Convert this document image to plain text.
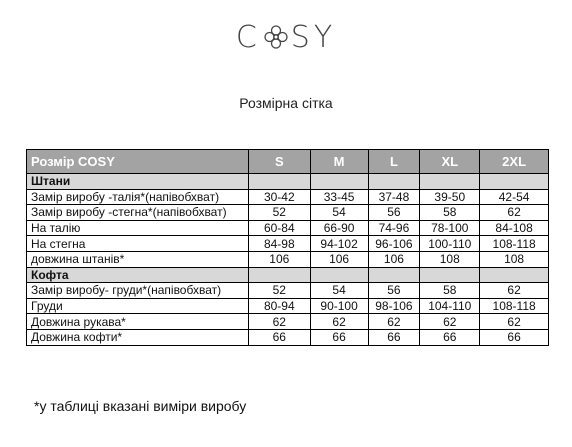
C SY
Розмірна сітка
Розмір COSY	S	M	L	XL	2XL
Штани					
Замір виробу -талія*(напівобхват)	30-42	33-45	37-48	39-50	42-54
Замір виробу -стегна*(напівобхват)	52	54	56	58	62
На талію	60-84	66-90	74-96	78-100	84-108
На стегна	84-98	94-102	96-106	100-110	108-118
довжина штанів*	106	106	106	108	108
Кофта					
Замір виробу- груди*(напівобхват)	52	54	56	58	62
Груди	80-94	90-100	98-106	104-110	108-118
Довжина рукава*	62	62	62	62	62
Довжина кофти*	66	66	66	66	66
*у таблиці вказані виміри виробу
